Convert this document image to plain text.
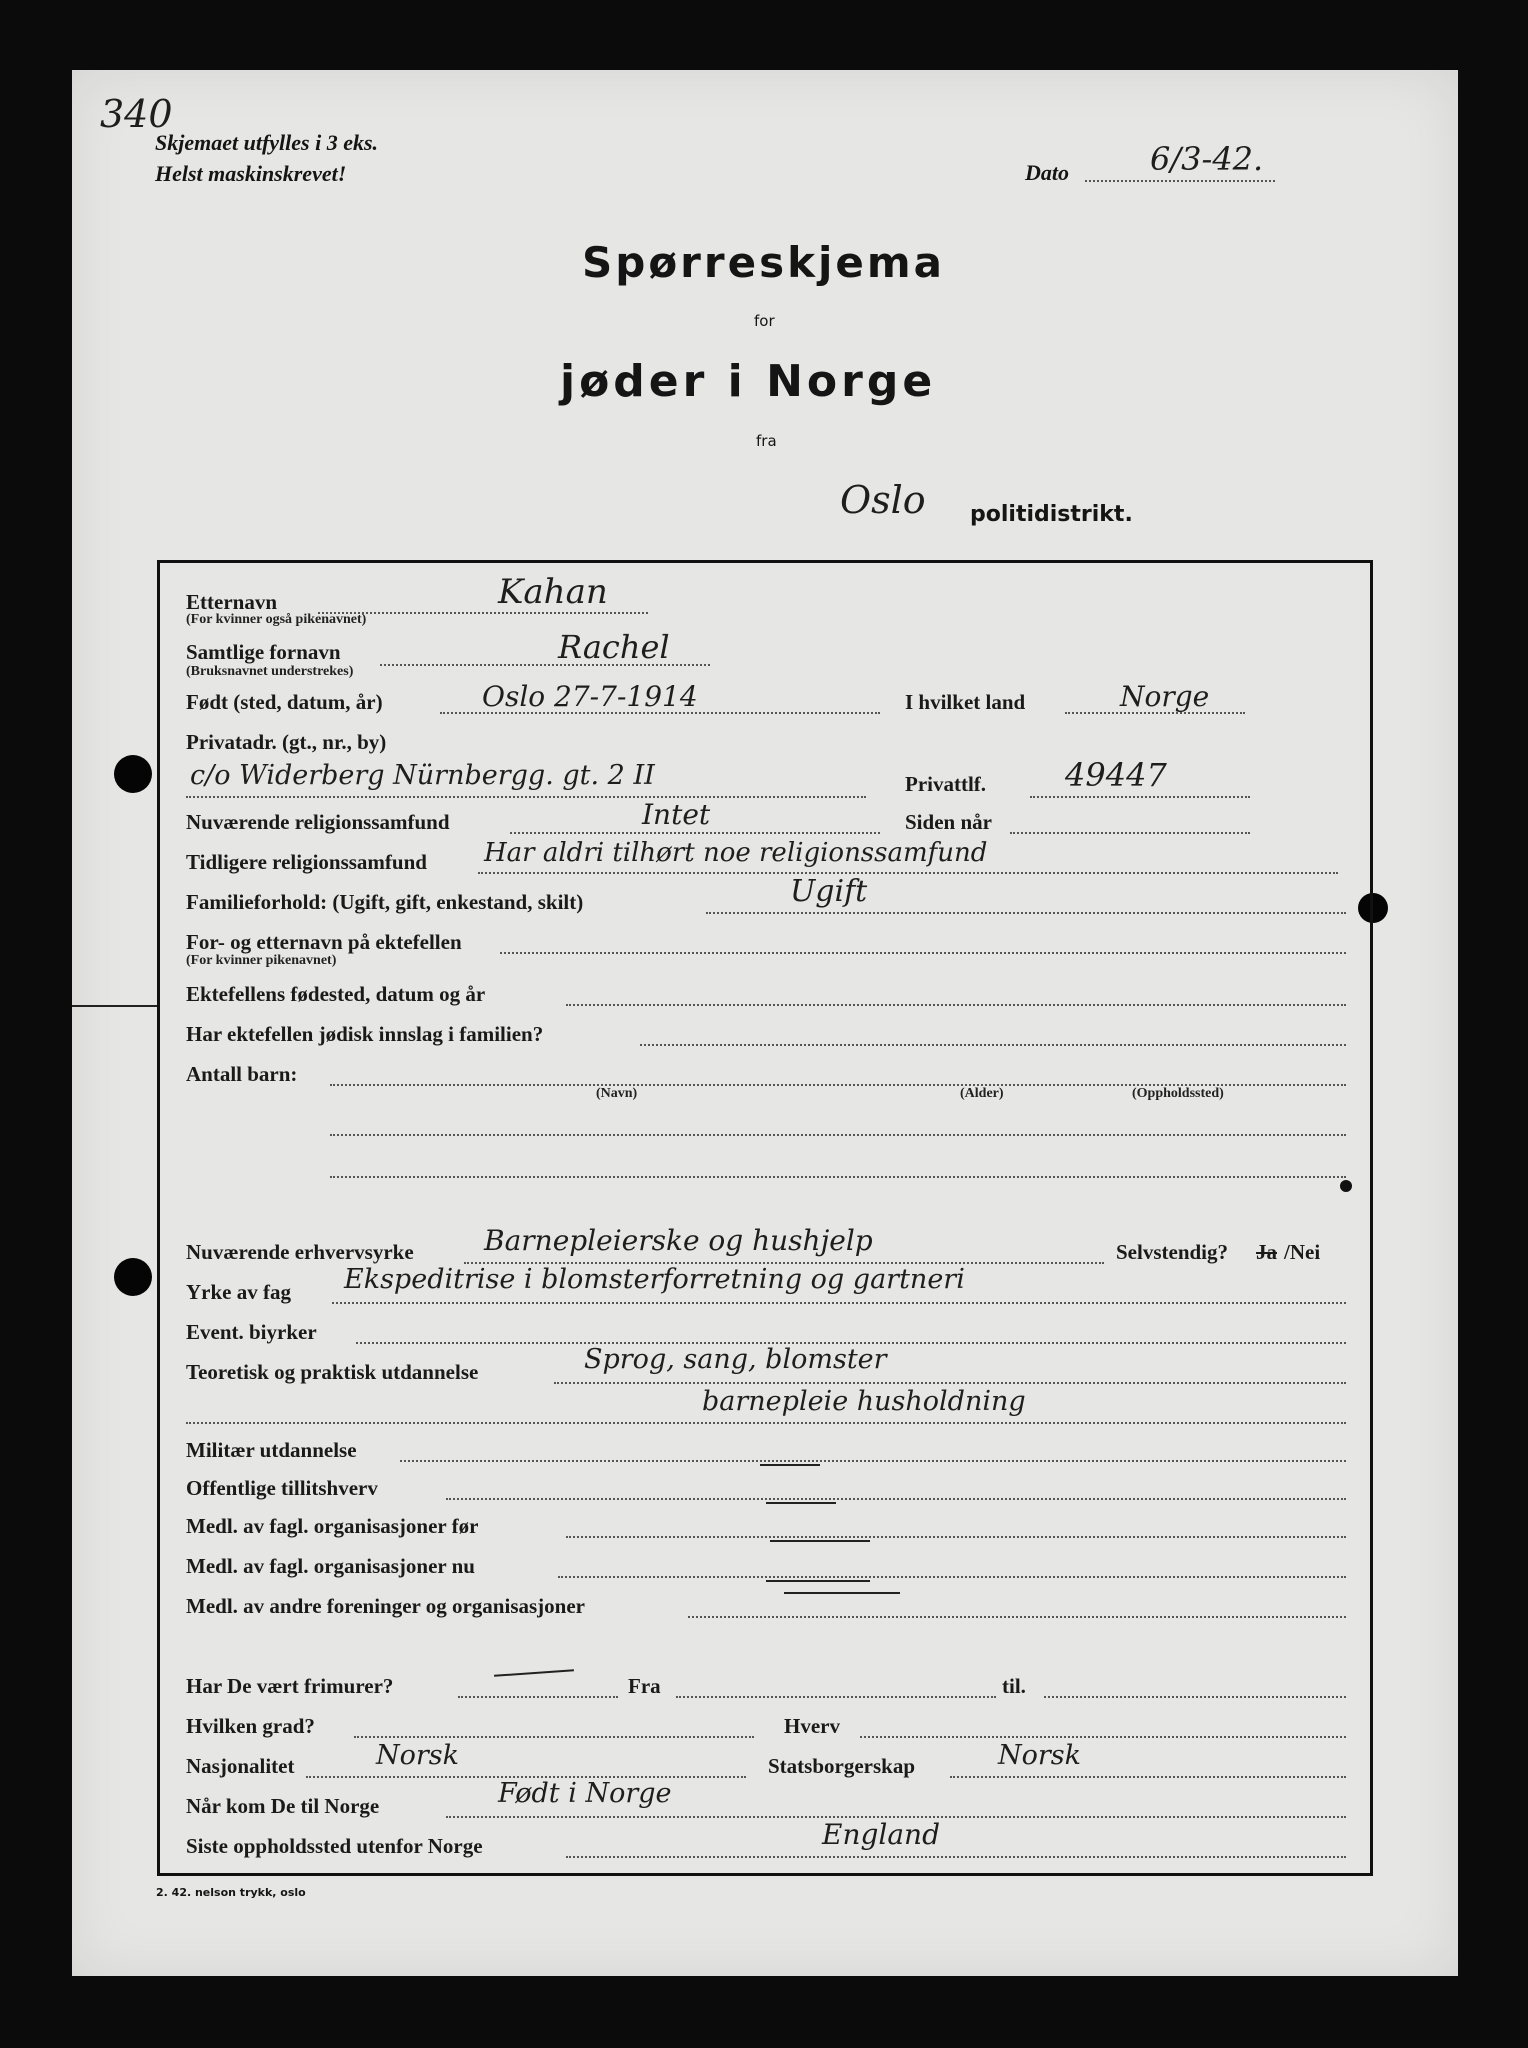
340
Skjemaet utfylles i 3 eks.
Helst maskinskrevet!	Dato	6/3-42.
Spørreskjema
for
jøder i Norge
fra
Oslo politidistrikt.
Etternavn
(For kvinner også pikenavnet)
Kahan
Samtlige fornavn
(Bruksnavnet understrekes)
Rachel
Født (sted, datum, år)	Oslo 27-7-1914	I hvilket land	Norge
Privatadr. (gt., nr., by)
c/o Widerberg Nürnbergg. gt. 2 II	Privattlf. 49447
Nuværende religionssamfund	Intet	Siden når
Tidligere religionssamfund Har aldri tilhørt noe religionssamfund
Familieforhold: (Ugift, gift, enkestand, skilt)	Ugift
For- og etternavn på ektefellen
(For kvinner pikenavnet)
Ektefellens fødested, datum og år
Har ektefellen jødisk innslag i familien?
Antall barn:
(Navn)	(Alder)	(Oppholdssted)
Nuværende erhvervsyrke	Barnepleierske og hushjelp	Selvstendig? Ja /Nei
Yrke av fag Ekspeditrise i blomsterforretning og gartneri
Event. biyrker
Teoretisk og praktisk utdannelse	Sprog, sang, blomster
barnepleie husholdning
Militær utdannelse
Offentlige tillitshverv
Medl. av fagl. organisasjoner før
Medl. av fagl. organisasjoner nu
Medl. av andre foreninger og organisasjoner
Har De vært frimurer?	Fra	til.
Hvilken grad?	Hverv
Nasjonalitet	Norsk	Statsborgerskap	Norsk
Når kom De til Norge	Født i Norge
Siste oppholdssted utenfor Norge	England
2. 42. nelson trykk, oslo
